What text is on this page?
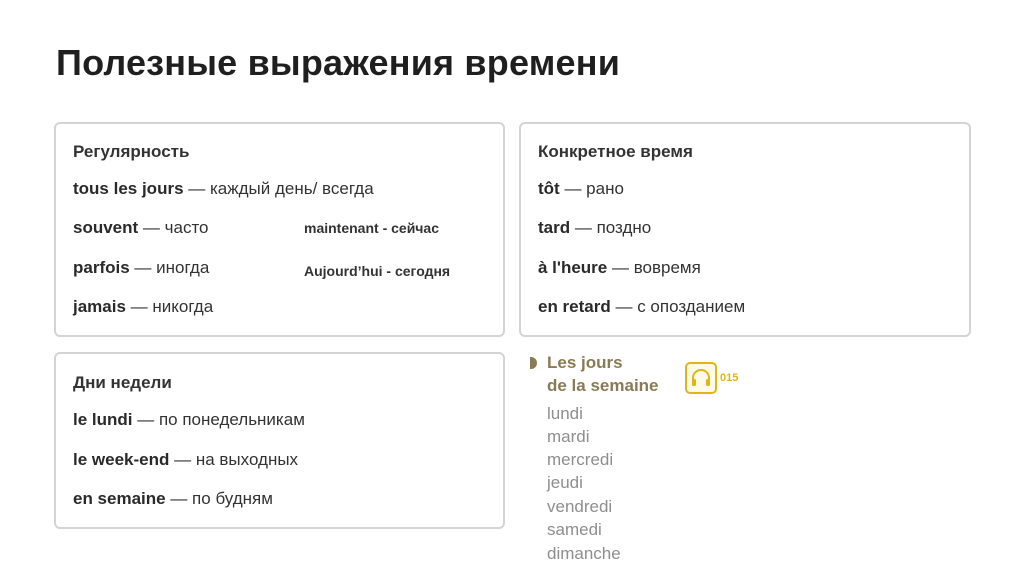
Полезные выражения времени
Регулярность
tous les jours — каждый день/ всегда
souvent — часто
parfois — иногда
jamais — никогда
maintenant - сейчас
Aujourd’hui - сегодня
Конкретное время
tôt — рано
tard — поздно
à l'heure — вовремя
en retard — с опозданием
Дни недели
le lundi — по понедельникам
le week-end — на выходных
en semaine — по будням
Les jours
de la semaine	015
lundi
mardi
mercredi
jeudi
vendredi
samedi
dimanche
